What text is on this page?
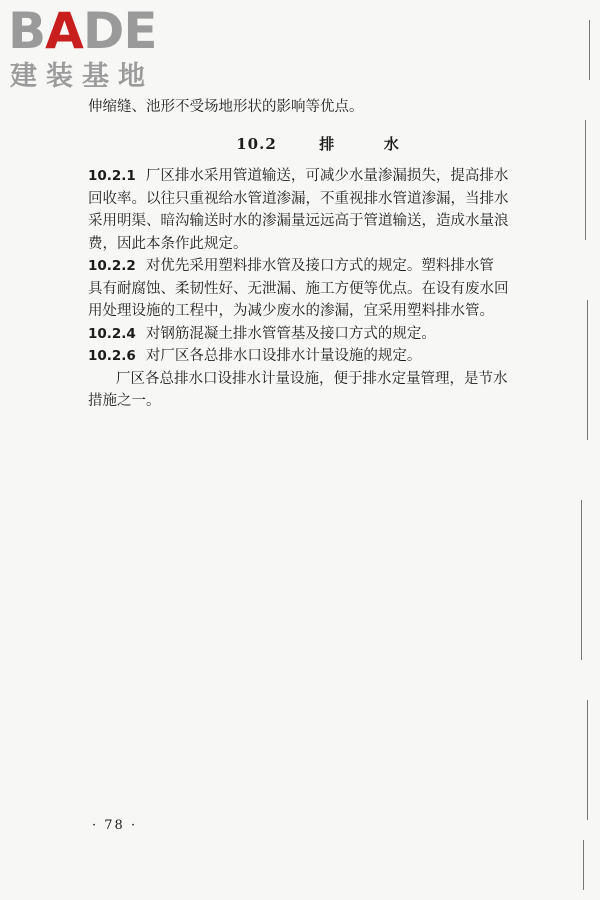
BADE
建装基地
伸缩缝、池形不受场地形状的影响等优点。
10.2	排	水
10.2.1 厂区排水采用管道输送，可减少水量渗漏损失，提高排水
回收率。以往只重视给水管道渗漏，不重视排水管道渗漏，当排水
采用明渠、暗沟输送时水的渗漏量远远高于管道输送，造成水量浪
费，因此本条作此规定。
10.2.2 对优先采用塑料排水管及接口方式的规定。塑料排水管
具有耐腐蚀、柔韧性好、无泄漏、施工方便等优点。在设有废水回
用处理设施的工程中，为减少废水的渗漏，宜采用塑料排水管。
10.2.4 对钢筋混凝土排水管管基及接口方式的规定。
10.2.6 对厂区各总排水口设排水计量设施的规定。
厂区各总排水口设排水计量设施，便于排水定量管理，是节水
措施之一。
· 78 ·
